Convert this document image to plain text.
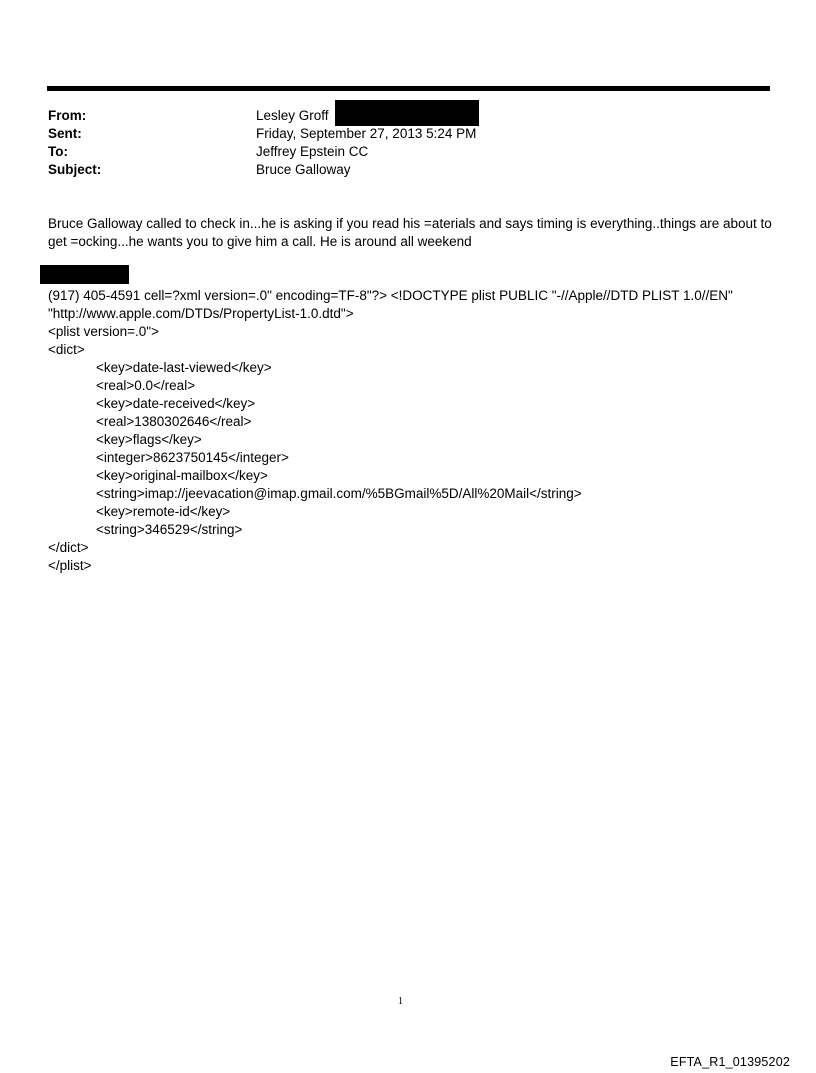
From:	Lesley Groff
Sent:	Friday, September 27, 2013 5:24 PM
To:	Jeffrey Epstein CC
Subject:	Bruce Galloway
Bruce Galloway called to check in...he is asking if you read his =aterials and says timing is everything..things are about to get =ocking...he wants you to give him a call. He is around all weekend
(917) 405-4591 cell=?xml version=.0" encoding=TF-8"?> <!DOCTYPE plist PUBLIC "-//Apple//DTD PLIST 1.0//EN"
"http://www.apple.com/DTDs/PropertyList-1.0.dtd">
<plist version=.0">
<dict>
<key>date-last-viewed</key>
<real>0.0</real>
<key>date-received</key>
<real>1380302646</real>
<key>flags</key>
<integer>8623750145</integer>
<key>original-mailbox</key>
<string>imap://jeevacation@imap.gmail.com/%5BGmail%5D/All%20Mail</string>
<key>remote-id</key>
<string>346529</string>
</dict>
</plist>
1
EFTA_R1_01395202
